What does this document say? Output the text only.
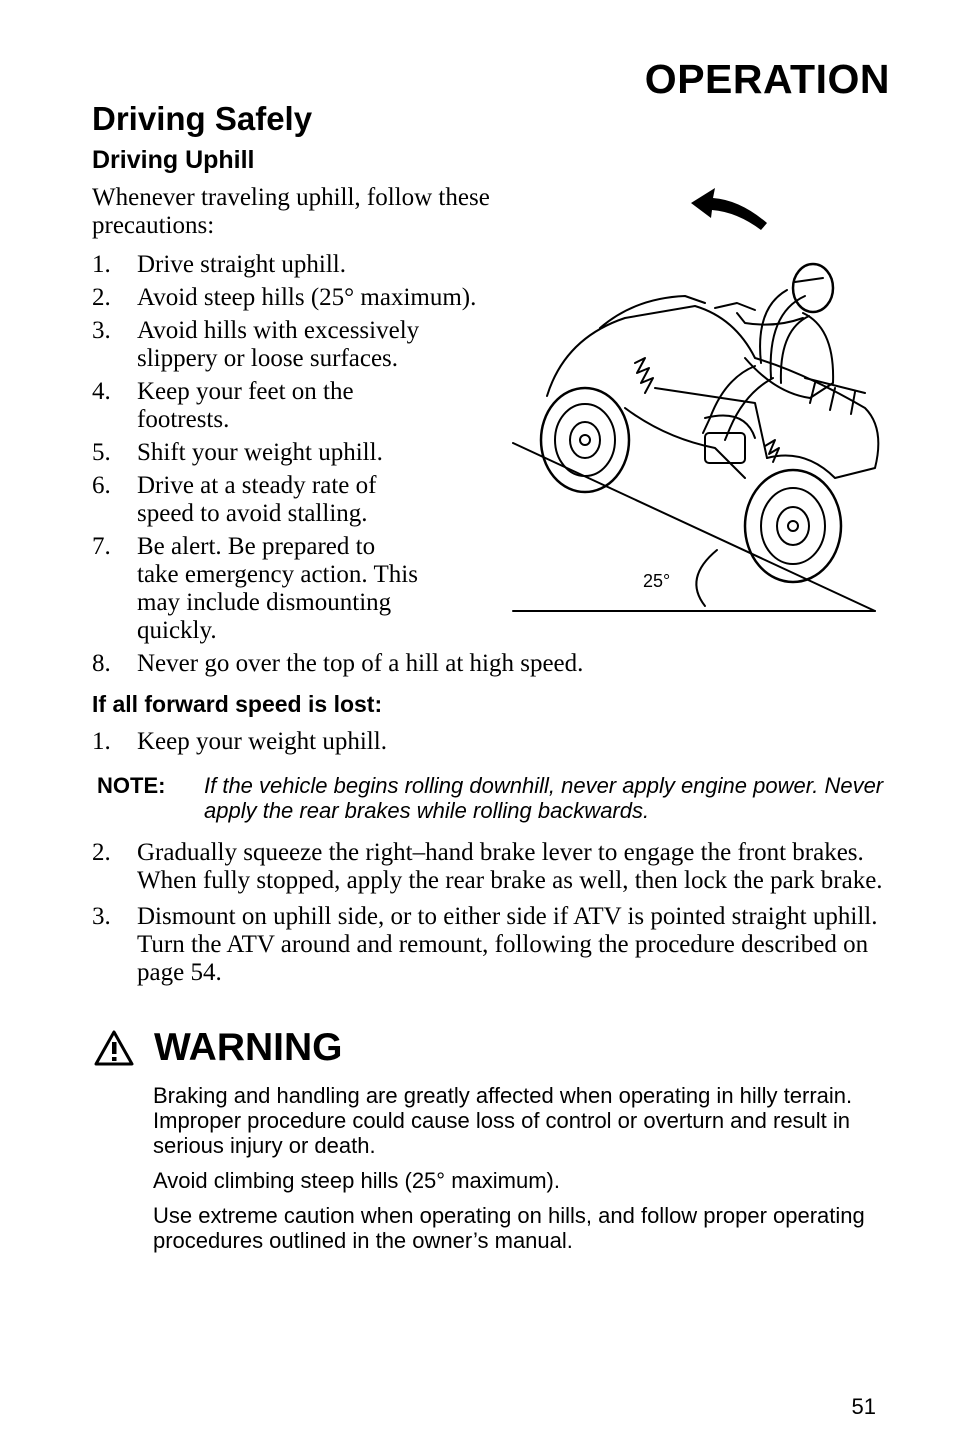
OPERATION
Driving Safely
Driving Uphill
Whenever traveling uphill, follow these precautions:
1. Drive straight uphill.
2. Avoid steep hills (25° maximum).
3. Avoid hills with excessively slippery or loose surfaces.
4. Keep your feet on the footrests.
5. Shift your weight uphill.
6. Drive at a steady rate of speed to avoid stalling.
7. Be alert. Be prepared to take emergency action. This may include dismounting quickly.
8. Never go over the top of a hill at high speed.
If all forward speed is lost:
1. Keep your weight uphill.
NOTE: If the vehicle begins rolling downhill, never apply engine power. Never apply the rear brakes while rolling backwards.
2. Gradually squeeze the right–hand brake lever to engage the front brakes. When fully stopped, apply the rear brake as well, then lock the park brake.
3. Dismount on uphill side, or to either side if ATV is pointed straight uphill. Turn the ATV around and remount, following the procedure described on page 54.
WARNING
Braking and handling are greatly affected when operating in hilly terrain. Improper procedure could cause loss of control or overturn and result in serious injury or death.
Avoid climbing steep hills (25° maximum).
Use extreme caution when operating on hills, and follow proper operating procedures outlined in the owner’s manual.
25°
51
